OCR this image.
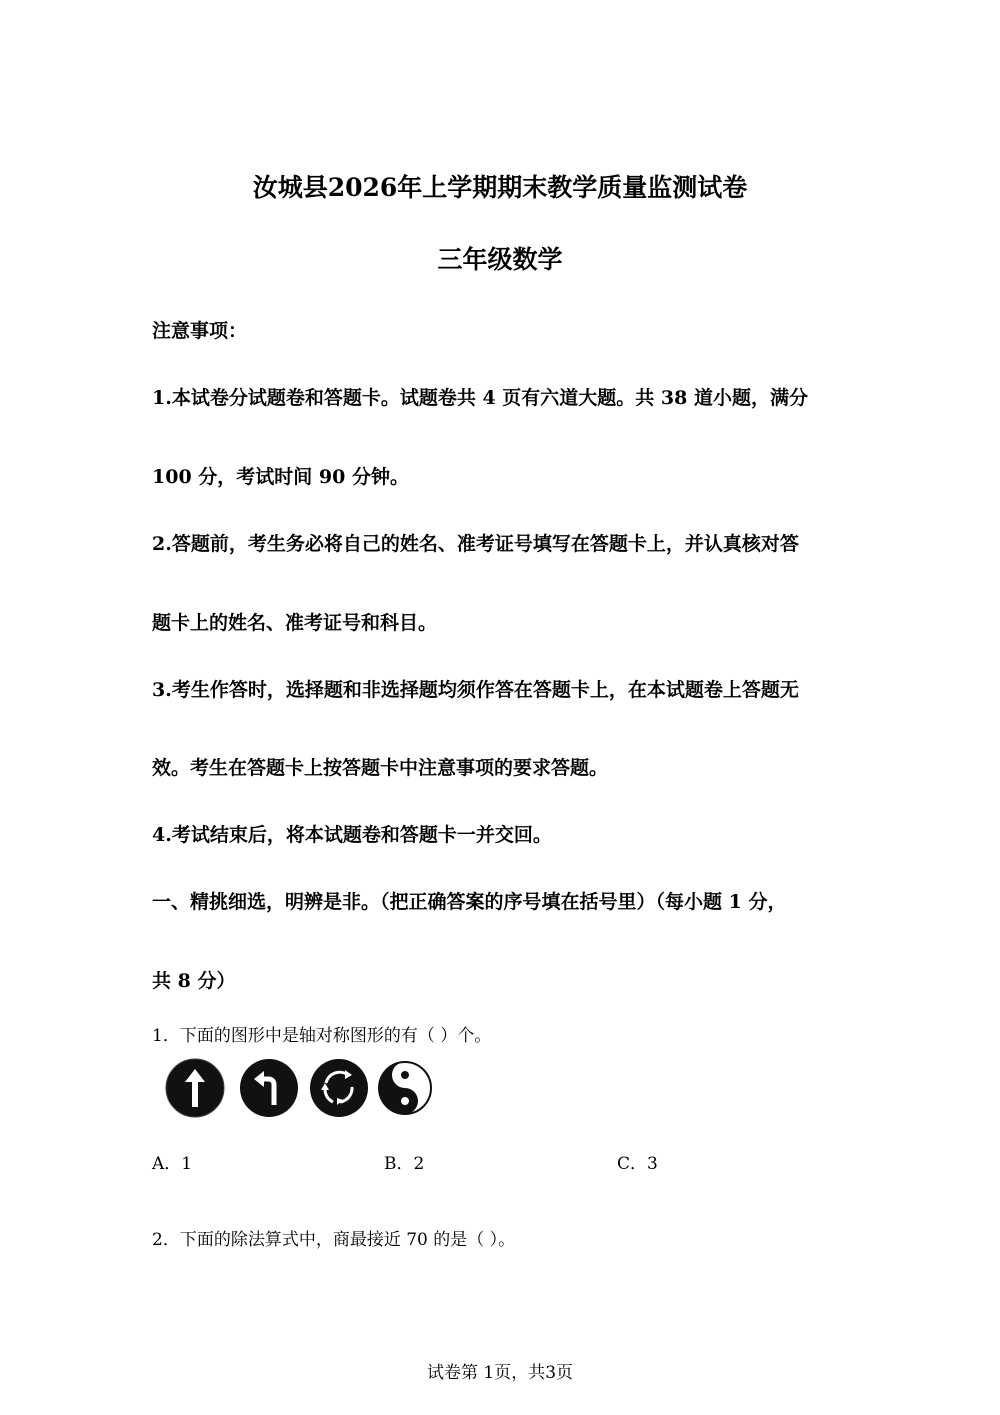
汝城县2026年上学期期末教学质量监测试卷
三年级数学
注意事项：
1.本试卷分试题卷和答题卡。试题卷共 4 页有六道大题。共 38 道小题，满分
100 分，考试时间 90 分钟。
2.答题前，考生务必将自己的姓名、准考证号填写在答题卡上，并认真核对答
题卡上的姓名、准考证号和科目。
3.考生作答时，选择题和非选择题均须作答在答题卡上，在本试题卷上答题无
效。考生在答题卡上按答题卡中注意事项的要求答题。
4.考试结束后，将本试题卷和答题卡一并交回。
一、精挑细选，明辨是非。（把正确答案的序号填在括号里）（每小题 1 分，
共 8 分）
1．下面的图形中是轴对称图形的有（ ）个。
A．1	B．2	C．3
2．下面的除法算式中，商最接近 70 的是（ ）。
试卷第 1页，共3页
